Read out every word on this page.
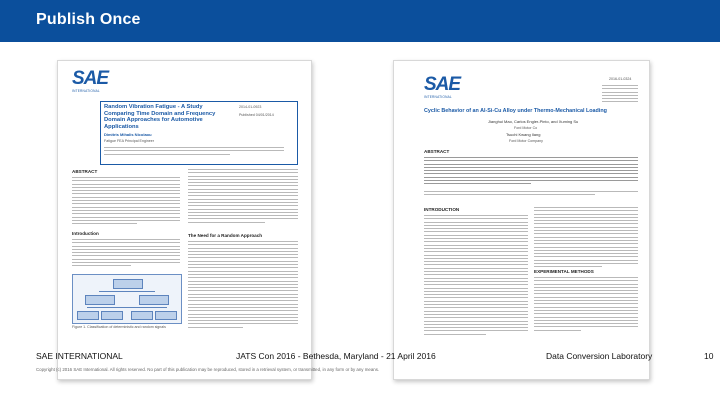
Publish Once
SAE
INTERNATIONAL
Random Vibration Fatigue - A Study Comparing Time Domain and Frequency Domain Approaches for Automotive Applications
2014-01-0923
Published 04/01/2014
Dimitris Mihalis Nicolaou
Fatigue FEA Principal Engineer
ABSTRACT
Introduction
Figure 1. Classification of deterministic and random signals
The Need for a Random Approach
SAE
INTERNATIONAL
2016-01-0324
Cyclic Behavior of an Al-Si-Cu Alloy under Thermo-Mechanical Loading
Jianghui Mao, Carlos Engler-Pinto, and Xuming Su
Ford Motor Co
Tsuchi Kwang Ilang
Ford Motor Company
ABSTRACT
INTRODUCTION
EXPERIMENTAL METHODS
SAE INTERNATIONAL	JATS Con 2016 - Bethesda, Maryland - 21 April 2016	Data Conversion Laboratory	10
Copyright (c) 2016 SAE International. All rights reserved. No part of this publication may be reproduced, stored in a retrieval system, or transmitted, in any form or by any means.
